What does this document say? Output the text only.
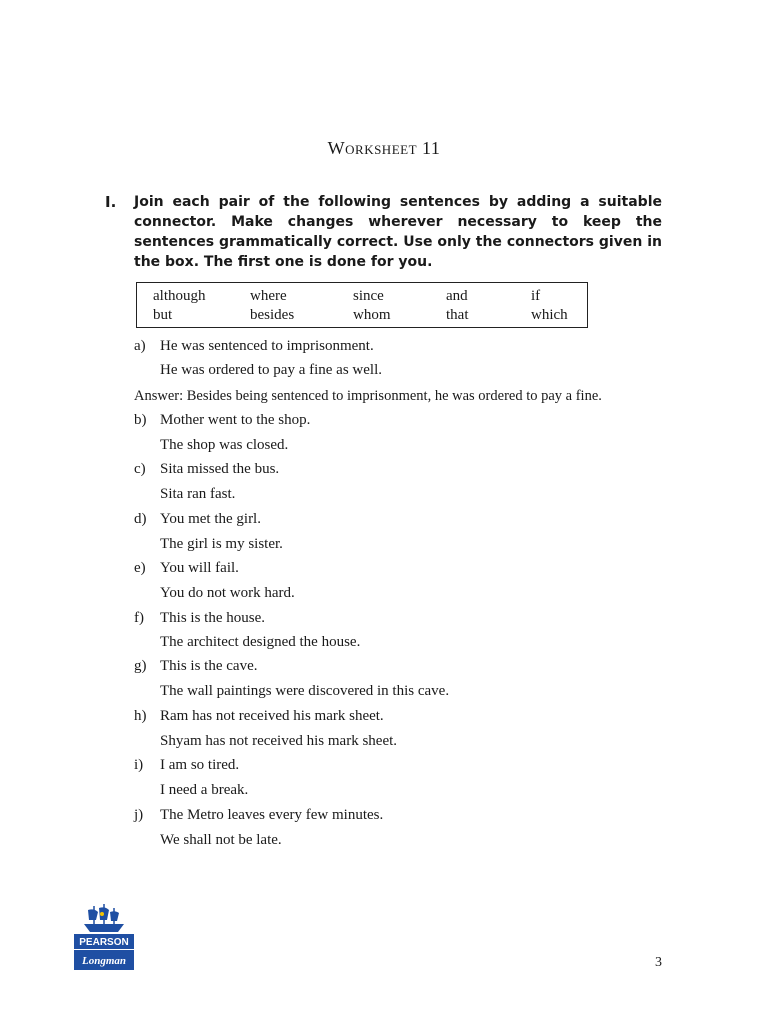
Worksheet 11
I. Join each pair of the following sentences by adding a suitable connector. Make changes wherever necessary to keep the sentences grammatically correct. Use only the connectors given in the box. The first one is done for you.

although	where	since	and	if
but	besides	whom	that	which
a) He was sentenced to imprisonment.
He was ordered to pay a fine as well.
Answer: Besides being sentenced to imprisonment, he was ordered to pay a fine.
b) Mother went to the shop.
The shop was closed.
c) Sita missed the bus.
Sita ran fast.
d) You met the girl.
The girl is my sister.
e) You will fail.
You do not work hard.
f) This is the house.
The architect designed the house.
g) This is the cave.
The wall paintings were discovered in this cave.
h) Ram has not received his mark sheet.
Shyam has not received his mark sheet.
i) I am so tired.
I need a break.
j) The Metro leaves every few minutes.
We shall not be late.
PEARSON
Longman	3
